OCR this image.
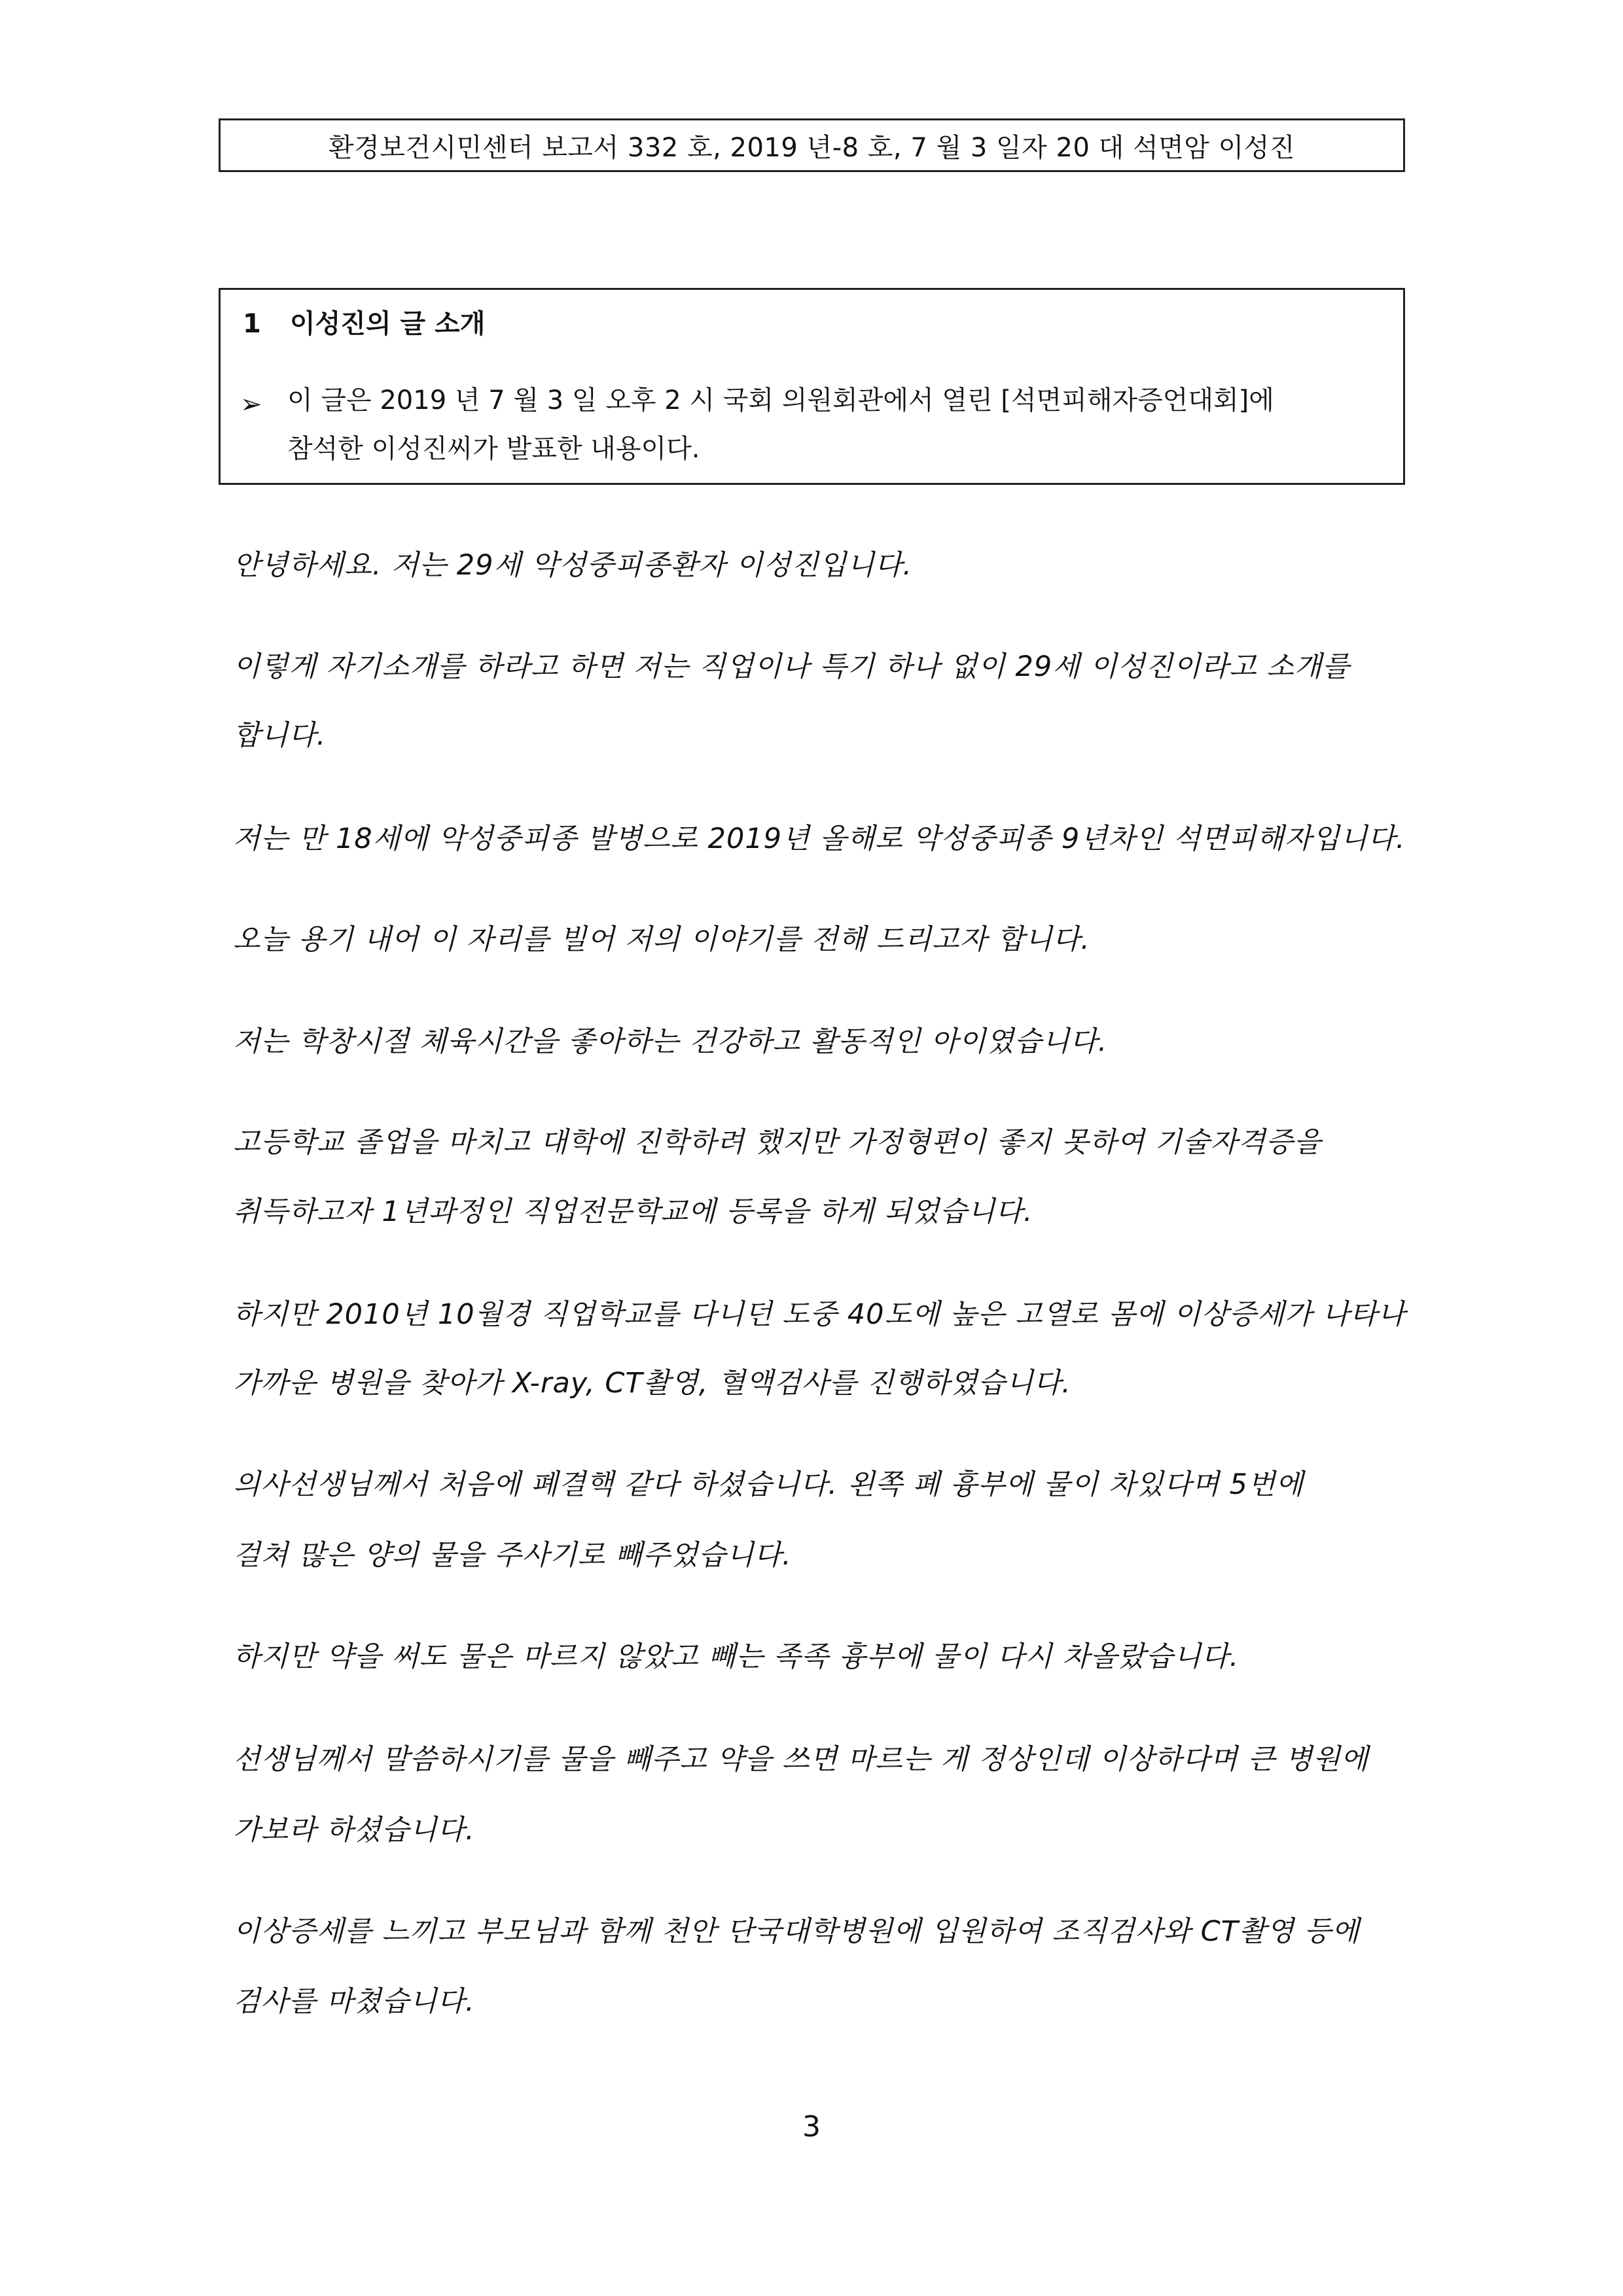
환경보건시민센터 보고서 332 호, 2019 년-8 호, 7 월 3 일자 20 대 석면암 이성진
1 이성진의 글 소개
➢ 이 글은 2019 년 7 월 3 일 오후 2 시 국회 의원회관에서 열린 [석면피해자증언대회]에
참석한 이성진씨가 발표한 내용이다.
안녕하세요. 저는 29세 악성중피종환자 이성진입니다.
이렇게 자기소개를 하라고 하면 저는 직업이나 특기 하나 없이 29세 이성진이라고 소개를
합니다.
저는 만 18세에 악성중피종 발병으로 2019년 올해로 악성중피종 9년차인 석면피해자입니다.
오늘 용기 내어 이 자리를 빌어 저의 이야기를 전해 드리고자 합니다.
저는 학창시절 체육시간을 좋아하는 건강하고 활동적인 아이였습니다.
고등학교 졸업을 마치고 대학에 진학하려 했지만 가정형편이 좋지 못하여 기술자격증을
취득하고자 1년과정인 직업전문학교에 등록을 하게 되었습니다.
하지만 2010년 10월경 직업학교를 다니던 도중 40도에 높은 고열로 몸에 이상증세가 나타나
가까운 병원을 찾아가 X-ray, CT촬영, 혈액검사를 진행하였습니다.
의사선생님께서 처음에 폐결핵 같다 하셨습니다. 왼쪽 폐 흉부에 물이 차있다며 5번에
걸쳐 많은 양의 물을 주사기로 빼주었습니다.
하지만 약을 써도 물은 마르지 않았고 빼는 족족 흉부에 물이 다시 차올랐습니다.
선생님께서 말씀하시기를 물을 빼주고 약을 쓰면 마르는 게 정상인데 이상하다며 큰 병원에
가보라 하셨습니다.
이상증세를 느끼고 부모님과 함께 천안 단국대학병원에 입원하여 조직검사와 CT촬영 등에
검사를 마쳤습니다.
3
